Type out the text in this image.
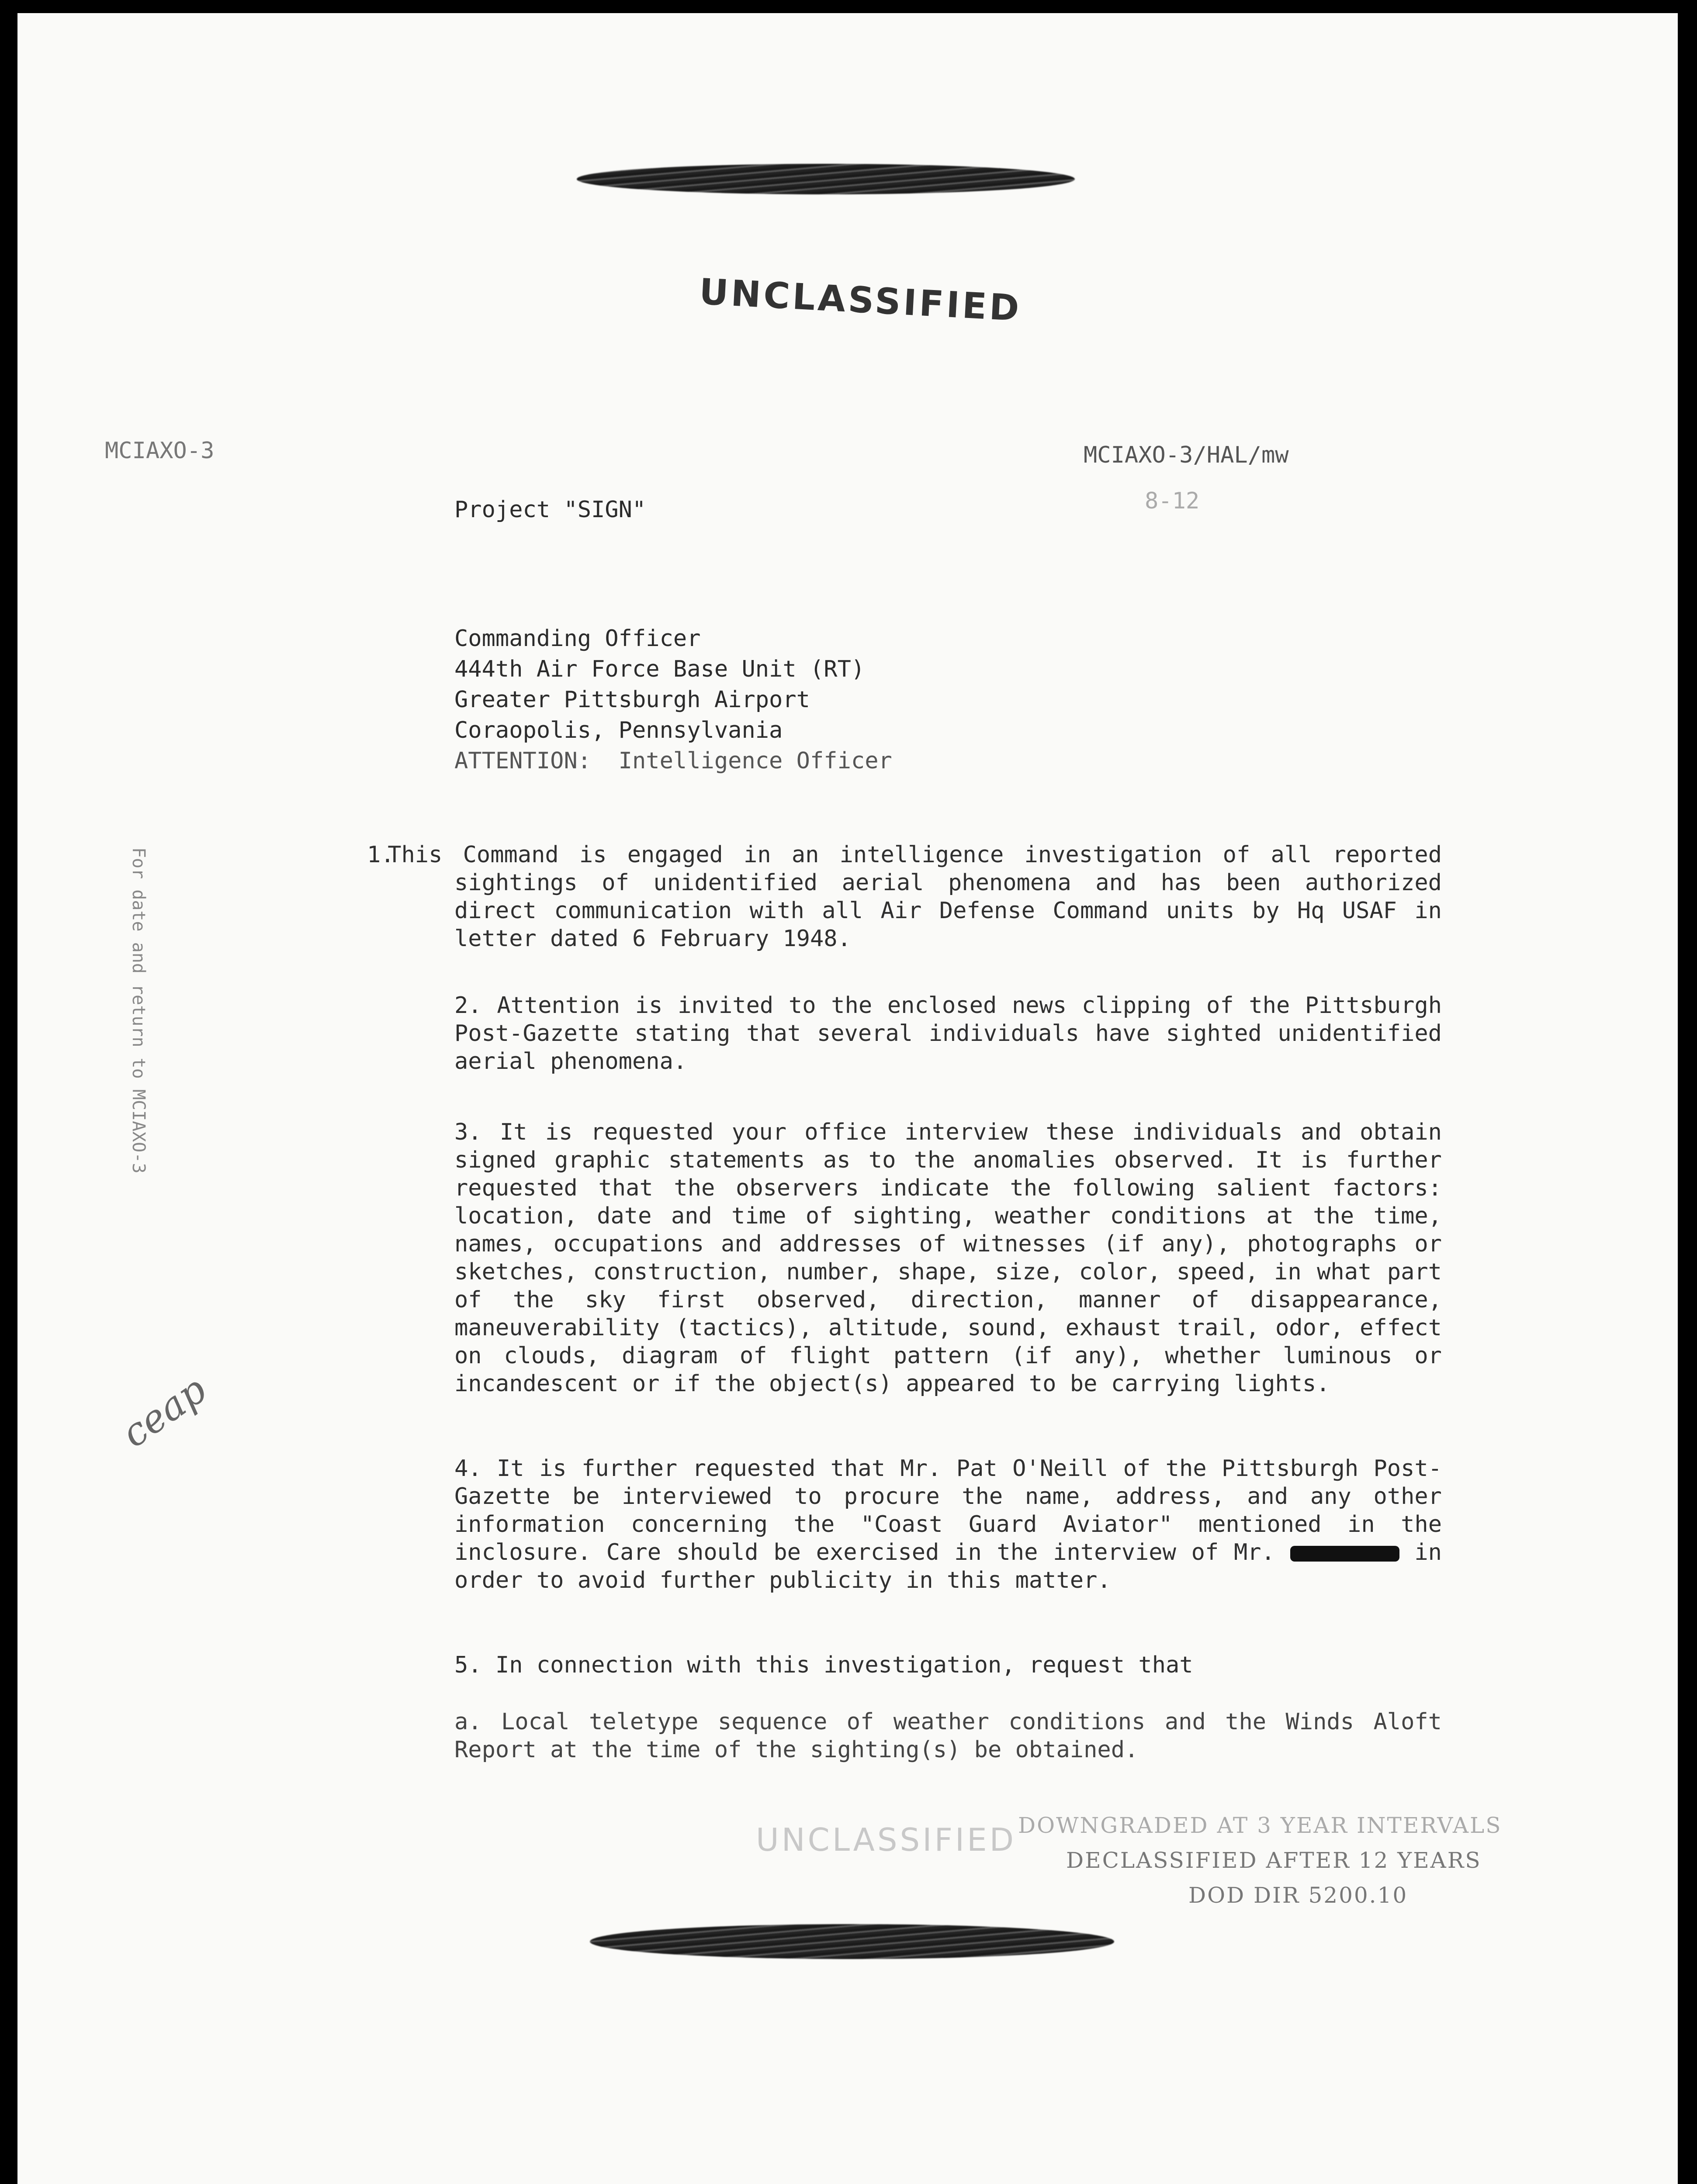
UNCLASSIFIED
MCIAXO-3	MCIAXO-3/HAL/mw
8-12
Project "SIGN"
Commanding Officer
444th Air Force Base Unit (RT)
Greater Pittsburgh Airport
Coraopolis, Pennsylvania
ATTENTION:  Intelligence Officer
1. This Command is engaged in an intelligence investigation of all reported sightings of unidentified aerial phenomena and has been authorized direct communication with all Air Defense Command units by Hq USAF in letter dated 6 February 1948.
2. Attention is invited to the enclosed news clipping of the Pittsburgh Post-Gazette stating that several individuals have sighted unidentified aerial phenomena.
3. It is requested your office interview these individuals and obtain signed graphic statements as to the anomalies observed. It is further requested that the observers indicate the following salient factors: location, date and time of sighting, weather conditions at the time, names, occupations and addresses of witnesses (if any), photographs or sketches, construction, number, shape, size, color, speed, in what part of the sky first observed, direction, manner of disappearance, maneuverability (tactics), altitude, sound, exhaust trail, odor, effect on clouds, diagram of flight pattern (if any), whether luminous or incandescent or if the object(s) appeared to be carrying lights.
4. It is further requested that Mr. Pat O'Neill of the Pittsburgh Post-Gazette be interviewed to procure the name, address, and any other information concerning the "Coast Guard Aviator" mentioned in the inclosure. Care should be exercised in the interview of Mr.	in order to avoid further publicity in this matter.
5. In connection with this investigation, request that
a. Local teletype sequence of weather conditions and the Winds Aloft Report at the time of the sighting(s) be obtained.
UNCLASSIFIED DOWNGRADED AT 3 YEAR INTERVALS
DECLASSIFIED AFTER 12 YEARS
DOD DIR 5200.10
For date and return to MCIAXO-3
ceap
